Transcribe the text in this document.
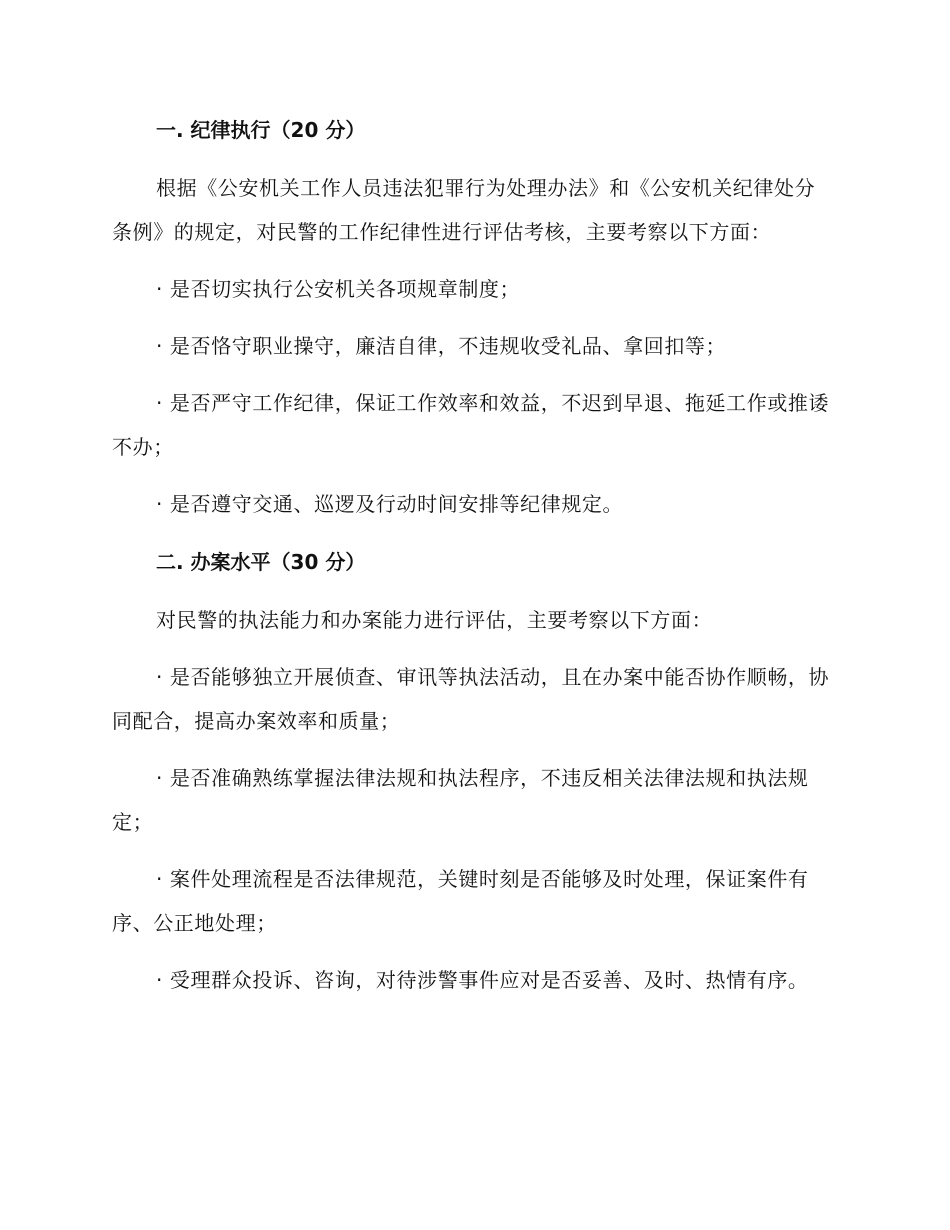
一. 纪律执行（20 分）

根据《公安机关工作人员违法犯罪行为处理办法》和《公安机关纪律处分条例》的规定，对民警的工作纪律性进行评估考核，主要考察以下方面：

· 是否切实执行公安机关各项规章制度；

· 是否恪守职业操守，廉洁自律，不违规收受礼品、拿回扣等；

· 是否严守工作纪律，保证工作效率和效益，不迟到早退、拖延工作或推诿不办；

· 是否遵守交通、巡逻及行动时间安排等纪律规定。

二. 办案水平（30 分）

对民警的执法能力和办案能力进行评估，主要考察以下方面：

· 是否能够独立开展侦查、审讯等执法活动，且在办案中能否协作顺畅，协同配合，提高办案效率和质量；

· 是否准确熟练掌握法律法规和执法程序，不违反相关法律法规和执法规定；

· 案件处理流程是否法律规范，关键时刻是否能够及时处理，保证案件有序、公正地处理；

· 受理群众投诉、咨询，对待涉警事件应对是否妥善、及时、热情有序。
